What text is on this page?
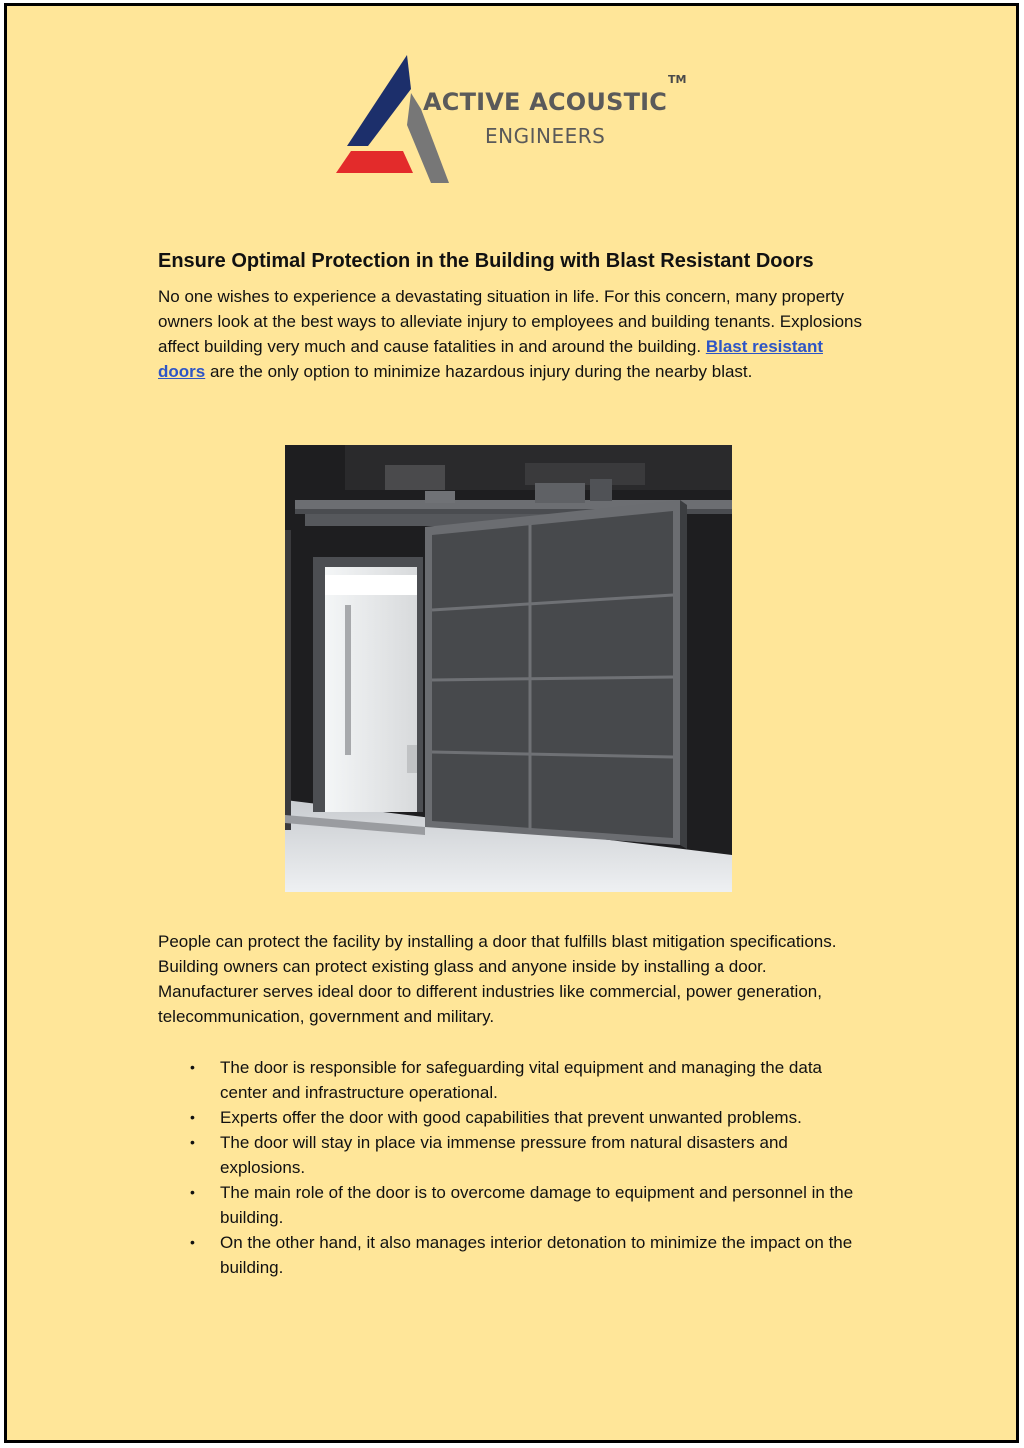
ACTIVE ACOUSTIC
ENGINEERS
TM
Ensure Optimal Protection in the Building with Blast Resistant Doors

No one wishes to experience a devastating situation in life. For this concern, many property owners look at the best ways to alleviate injury to employees and building tenants. Explosions affect building very much and cause fatalities in and around the building. Blast resistant doors are the only option to minimize hazardous injury during the nearby blast.

People can protect the facility by installing a door that fulfills blast mitigation specifications. Building owners can protect existing glass and anyone inside by installing a door. Manufacturer serves ideal door to different industries like commercial, power generation, telecommunication, government and military.

• The door is responsible for safeguarding vital equipment and managing the data center and infrastructure operational.
• Experts offer the door with good capabilities that prevent unwanted problems.
• The door will stay in place via immense pressure from natural disasters and explosions.
• The main role of the door is to overcome damage to equipment and personnel in the building.
• On the other hand, it also manages interior detonation to minimize the impact on the building.
